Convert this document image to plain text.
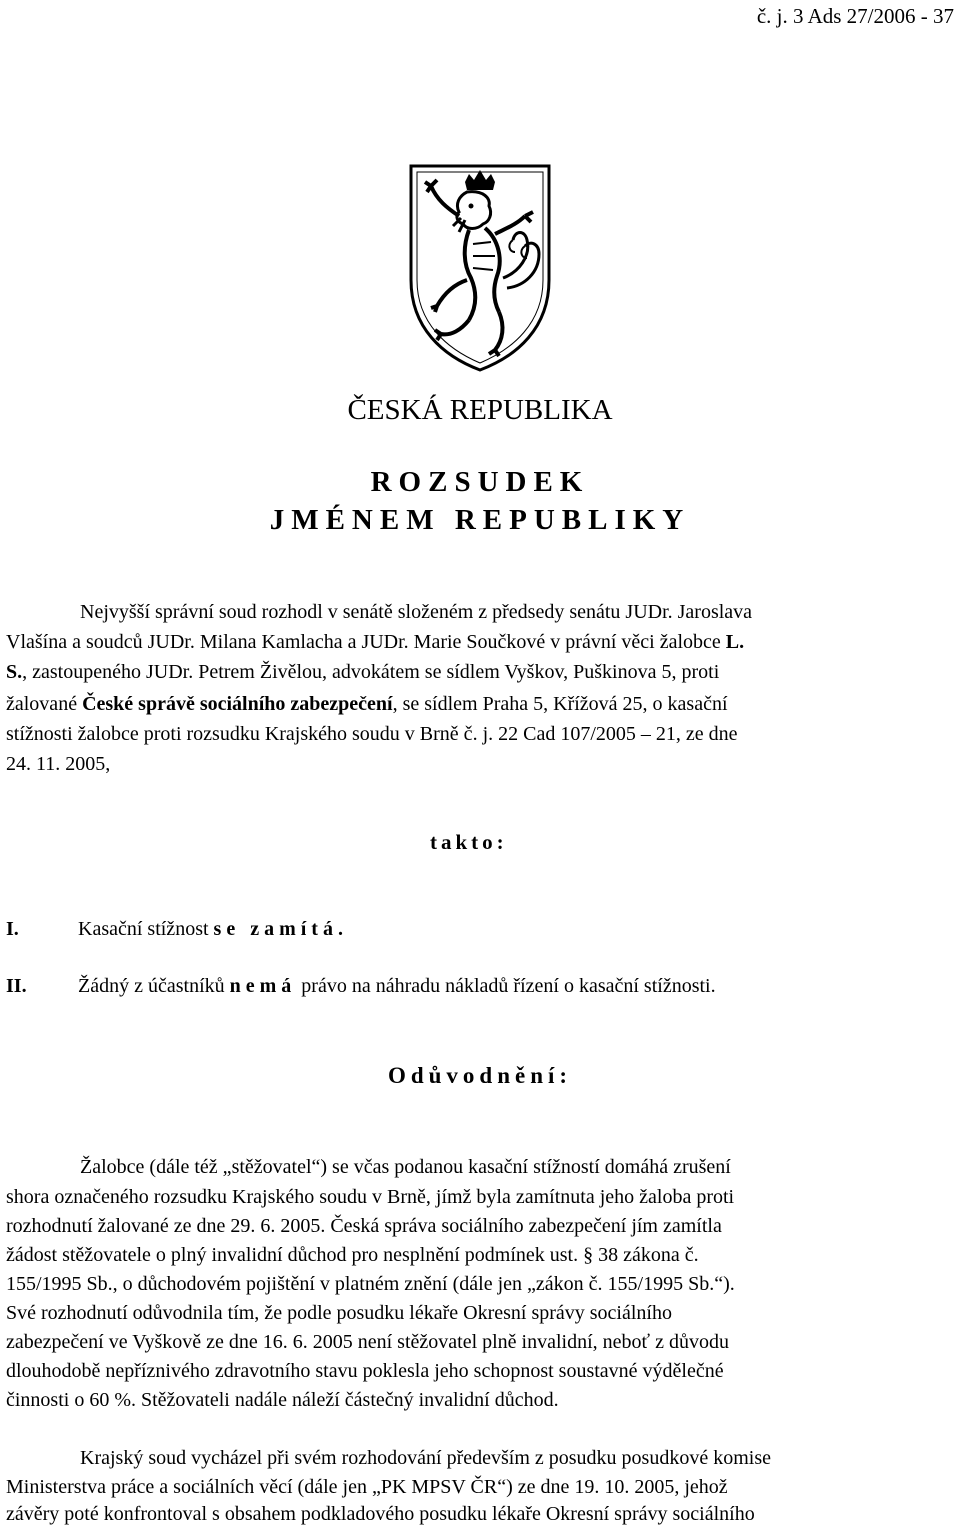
č. j. 3 Ads 27/2006 - 37
ČESKÁ REPUBLIKA
ROZSUDEK
JMÉNEM REPUBLIKY
Nejvyšší správní soud rozhodl v senátě složeném z předsedy senátu JUDr. Jaroslava
Vlašína a soudců JUDr. Milana Kamlacha a JUDr. Marie Součkové v právní věci žalobce L.
S., zastoupeného JUDr. Petrem Živělou, advokátem se sídlem Vyškov, Puškinova 5, proti
žalované České správě sociálního zabezpečení, se sídlem Praha 5, Křížová 25, o kasační
stížnosti žalobce proti rozsudku Krajského soudu v Brně č. j. 22 Cad 107/2005 – 21, ze dne
24. 11. 2005,
takto:
I.	Kasační stížnost se zamítá.
II.	Žádný z účastníků nemá právo na náhradu nákladů řízení o kasační stížnosti.
Odůvodnění:
Žalobce (dále též „stěžovatel“) se včas podanou kasační stížností domáhá zrušení
shora označeného rozsudku Krajského soudu v Brně, jímž byla zamítnuta jeho žaloba proti
rozhodnutí žalované ze dne 29. 6. 2005. Česká správa sociálního zabezpečení jím zamítla
žádost stěžovatele o plný invalidní důchod pro nesplnění podmínek ust. § 38 zákona č.
155/1995 Sb., o důchodovém pojištění v platném znění (dále jen „zákon č. 155/1995 Sb.“).
Své rozhodnutí odůvodnila tím, že podle posudku lékaře Okresní správy sociálního
zabezpečení ve Vyškově ze dne 16. 6. 2005 není stěžovatel plně invalidní, neboť z důvodu
dlouhodobě nepříznivého zdravotního stavu poklesla jeho schopnost soustavné výdělečné
činnosti o 60 %. Stěžovateli nadále náleží částečný invalidní důchod.
Krajský soud vycházel při svém rozhodování především z posudku posudkové komise
Ministerstva práce a sociálních věcí (dále jen „PK MPSV ČR“) ze dne 19. 10. 2005, jehož
závěry poté konfrontoval s obsahem podkladového posudku lékaře Okresní správy sociálního
